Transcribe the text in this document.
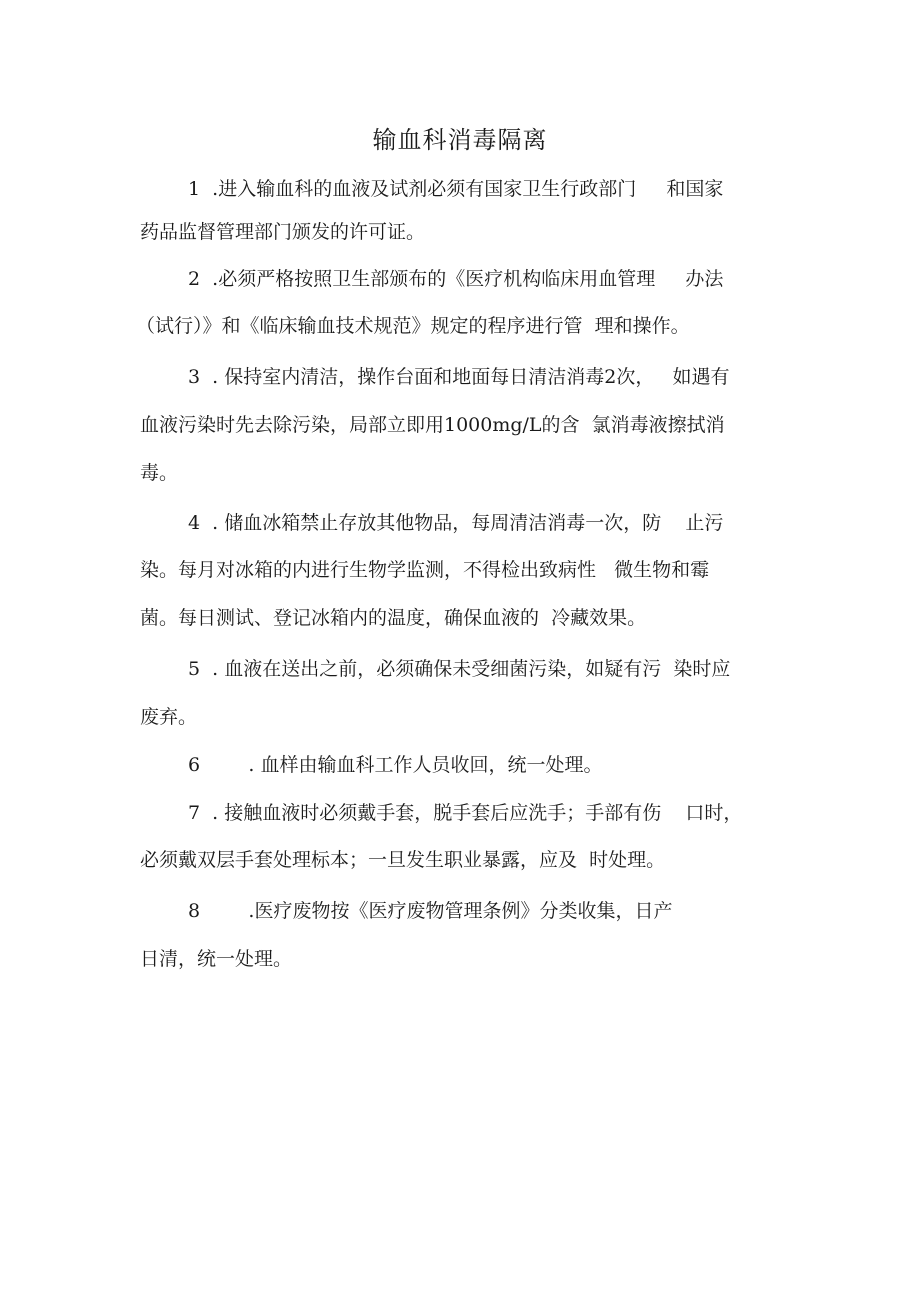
输血科消毒隔离

1  .进入输血科的血液及试剂必须有国家卫生行政部门     和国家

药品监督管理部门颁发的许可证。

2  .必须严格按照卫生部颁布的《医疗机构临床用血管理     办法

（试行）》和《临床输血技术规范》规定的程序进行管  理和操作。

3  . 保持室内清洁，操作台面和地面每日清洁消毒2次，   如遇有

血液污染时先去除污染，局部立即用1000mg/L的含  氯消毒液擦拭消

毒。

4  . 储血冰箱禁止存放其他物品，每周清洁消毒一次，防    止污

染。每月对冰箱的内进行生物学监测，不得检出致病性   微生物和霉

菌。每日测试、登记冰箱内的温度，确保血液的  冷藏效果。

5  . 血液在送出之前，必须确保未受细菌污染，如疑有污  染时应

废弃。

6        . 血样由输血科工作人员收回，统一处理。

7  . 接触血液时必须戴手套，脱手套后应洗手；手部有伤    口时，

必须戴双层手套处理标本；一旦发生职业暴露，应及  时处理。

8        .医疗废物按《医疗废物管理条例》分类收集，日产

日清，统一处理。
